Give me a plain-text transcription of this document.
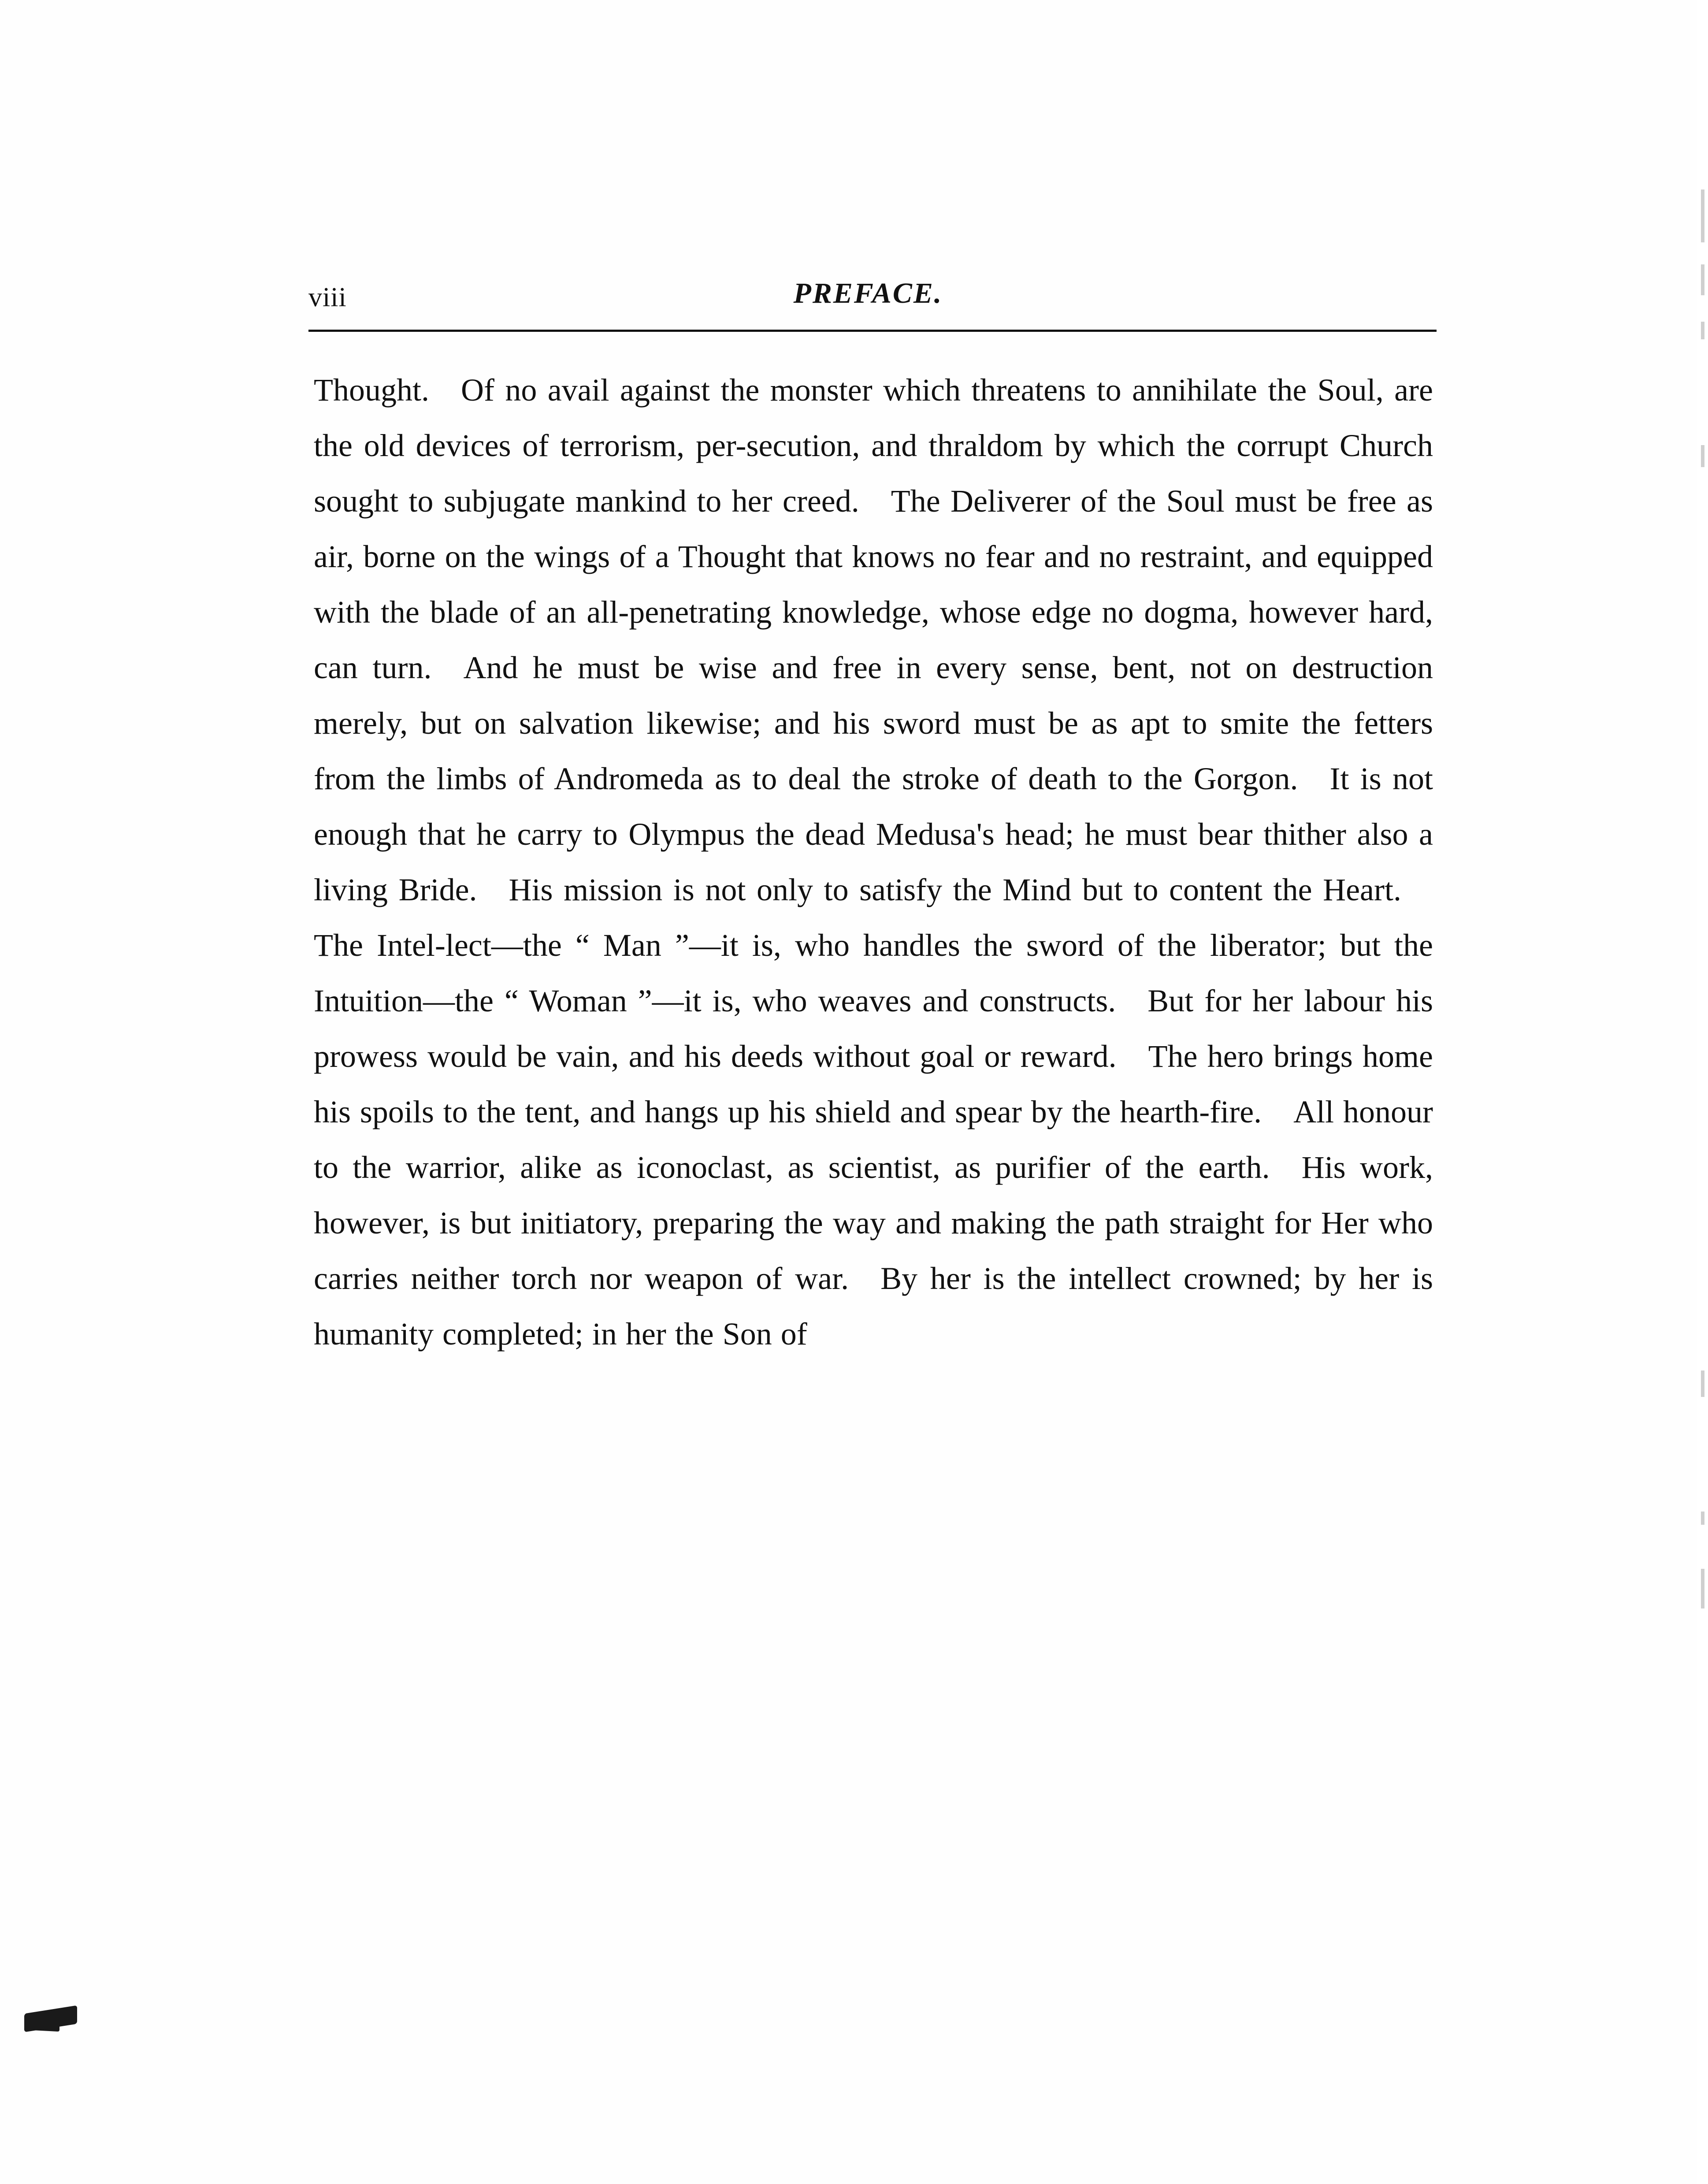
viii	PREFACE.

Thought. Of no avail against the monster which threatens to annihilate the Soul, are the old devices of terrorism, per-secution, and thraldom by which the corrupt Church sought to subjugate mankind to her creed. The Deliverer of the Soul must be free as air, borne on the wings of a Thought that knows no fear and no restraint, and equipped with the blade of an all-penetrating knowledge, whose edge no dogma, however hard, can turn. And he must be wise and free in every sense, bent, not on destruction merely, but on salvation likewise; and his sword must be as apt to smite the fetters from the limbs of Andromeda as to deal the stroke of death to the Gorgon. It is not enough that he carry to Olympus the dead Medusa's head; he must bear thither also a living Bride. His mission is not only to satisfy the Mind but to content the Heart. The Intel-lect—the “ Man ”—it is, who handles the sword of the liberator; but the Intuition—the “ Woman ”—it is, who weaves and constructs. But for her labour his prowess would be vain, and his deeds without goal or reward. The hero brings home his spoils to the tent, and hangs up his shield and spear by the hearth-fire. All honour to the warrior, alike as iconoclast, as scientist, as purifier of the earth. His work, however, is but initiatory, preparing the way and making the path straight for Her who carries neither torch nor weapon of war. By her is the intellect crowned; by her is humanity completed; in her the Son of
